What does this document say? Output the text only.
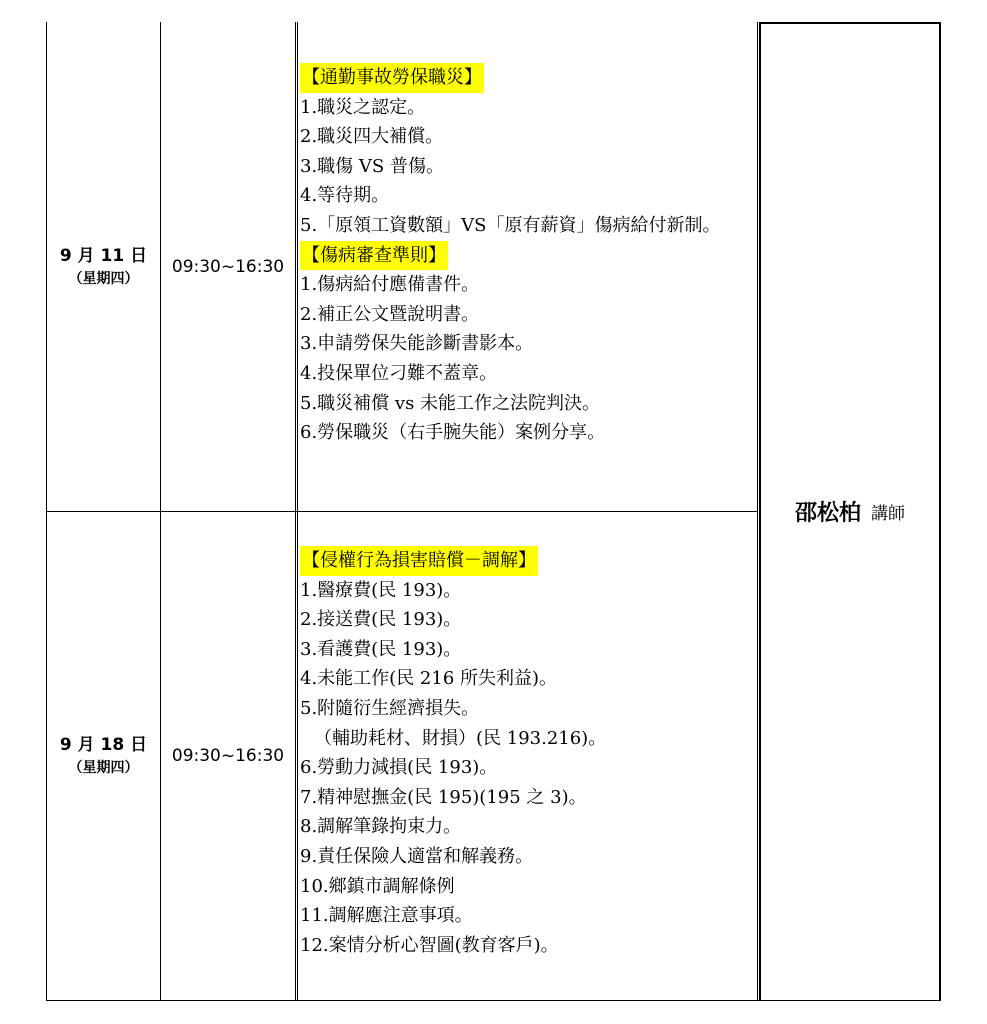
9 月 11 日
（星期四）
09:30~16:30
【通勤事故勞保職災】
1.職災之認定。
2.職災四大補償。
3.職傷 VS 普傷。
4.等待期。
5.「原領工資數額」VS「原有薪資」傷病給付新制。
【傷病審查準則】
1.傷病給付應備書件。
2.補正公文暨說明書。
3.申請勞保失能診斷書影本。
4.投保單位刁難不蓋章。
5.職災補償 vs 未能工作之法院判決。
6.勞保職災（右手腕失能）案例分享。
9 月 18 日
（星期四）
09:30~16:30
【侵權行為損害賠償－調解】
1.醫療費(民 193)。
2.接送費(民 193)。
3.看護費(民 193)。
4.未能工作(民 216 所失利益)。
5.附隨衍生經濟損失。
（輔助耗材、財損）(民 193.216)。
6.勞動力減損(民 193)。
7.精神慰撫金(民 195)(195 之 3)。
8.調解筆錄拘束力。
9.責任保險人適當和解義務。
10.鄉鎮市調解條例
11.調解應注意事項。
12.案情分析心智圖(教育客戶)。
邵松柏 講師
